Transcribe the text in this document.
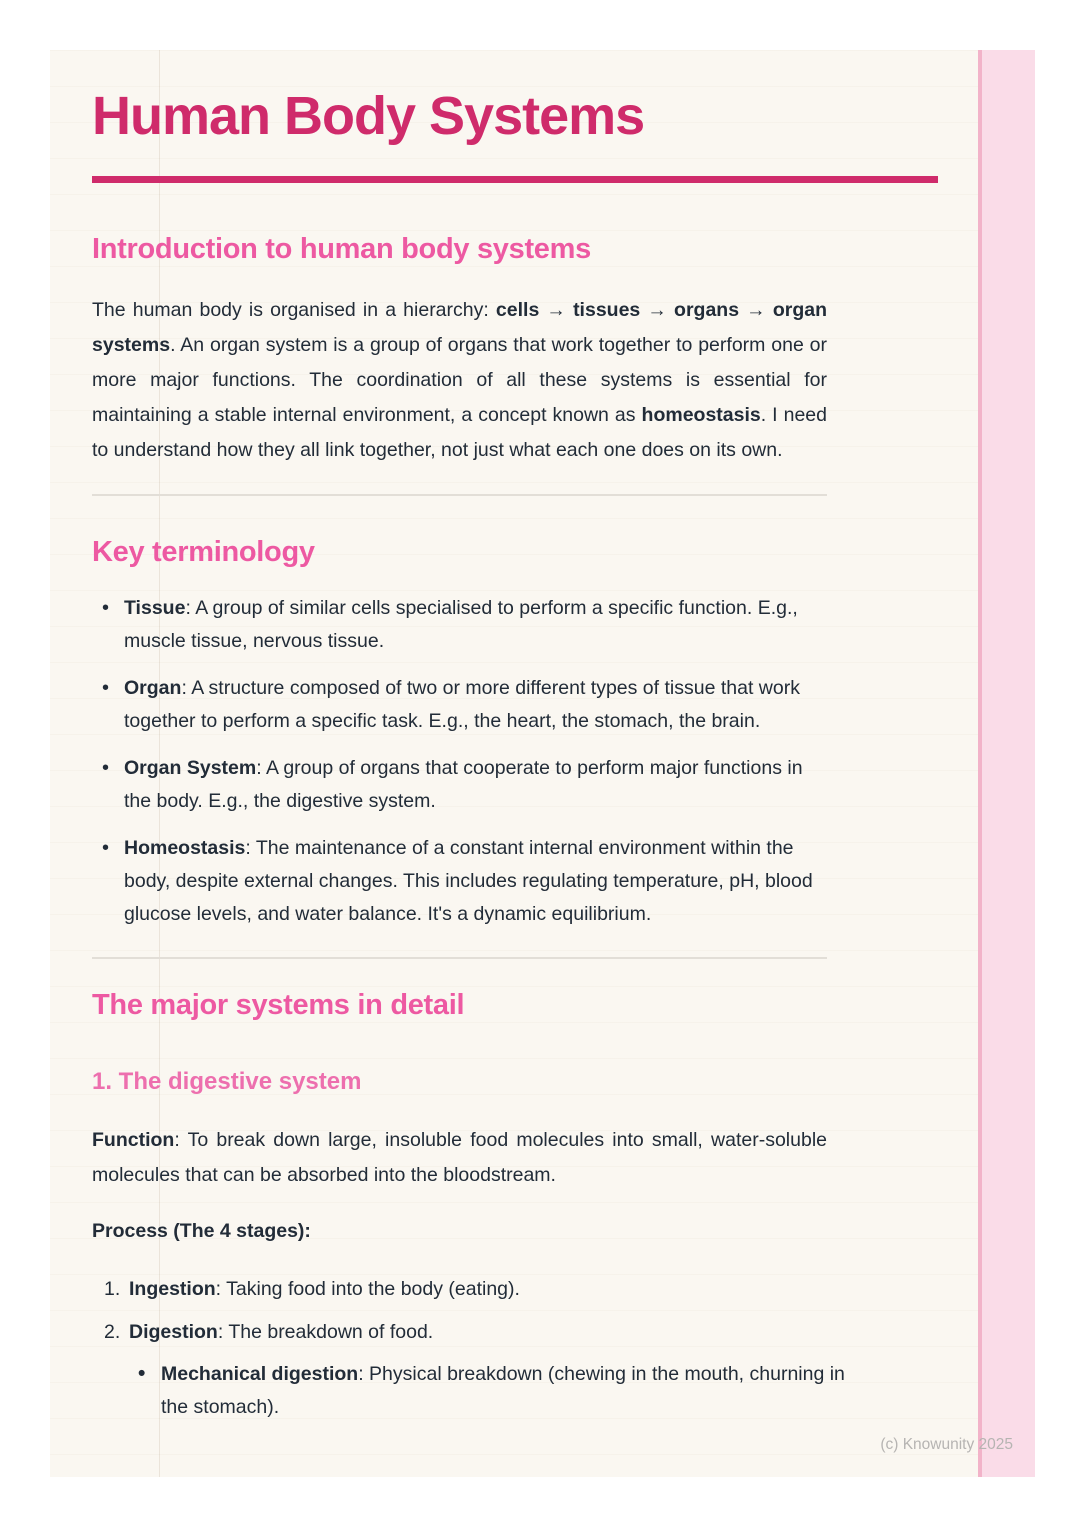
Human Body Systems
Introduction to human body systems

The human body is organised in a hierarchy: cells → tissues → organs → organ systems. An organ system is a group of organs that work together to perform one or more major functions. The coordination of all these systems is essential for maintaining a stable internal environment, a concept known as homeostasis. I need to understand how they all link together, not just what each one does on its own.

Key terminology
• Tissue: A group of similar cells specialised to perform a specific function. E.g., muscle tissue, nervous tissue.
• Organ: A structure composed of two or more different types of tissue that work together to perform a specific task. E.g., the heart, the stomach, the brain.
• Organ System: A group of organs that cooperate to perform major functions in the body. E.g., the digestive system.
• Homeostasis: The maintenance of a constant internal environment within the body, despite external changes. This includes regulating temperature, pH, blood glucose levels, and water balance. It's a dynamic equilibrium.
The major systems in detail
1. The digestive system

Function: To break down large, insoluble food molecules into small, water-soluble molecules that can be absorbed into the bloodstream.

Process (The 4 stages):

1. Ingestion: Taking food into the body (eating).
2. Digestion: The breakdown of food.
• Mechanical digestion: Physical breakdown (chewing in the mouth, churning in the stomach).
(c) Knowunity 2025
